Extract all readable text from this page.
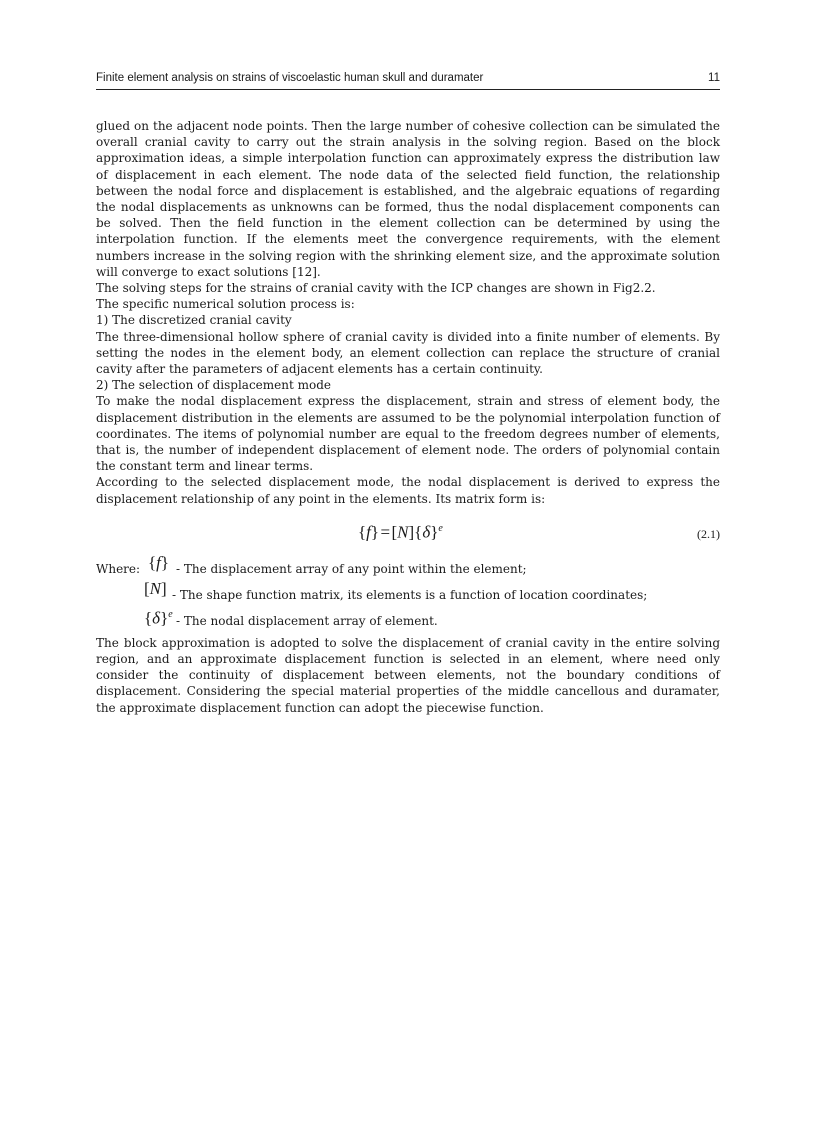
Finite element analysis on strains of viscoelastic human skull and duramater	11

glued on the adjacent node points. Then the large number of cohesive collection can be simulated the overall cranial cavity to carry out the strain analysis in the solving region. Based on the block approximation ideas, a simple interpolation function can approximately express the distribution law of displacement in each element. The node data of the selected field function, the relationship between the nodal force and displacement is established, and the algebraic equations of regarding the nodal displacements as unknowns can be formed, thus the nodal displacement components can be solved. Then the field function in the element collection can be determined by using the interpolation function. If the elements meet the convergence requirements, with the element numbers increase in the solving region with the shrinking element size, and the approximate solution will converge to exact solutions [12].

The solving steps for the strains of cranial cavity with the ICP changes are shown in Fig2.2.

The specific numerical solution process is:

1) The discretized cranial cavity

The three-dimensional hollow sphere of cranial cavity is divided into a finite number of elements. By setting the nodes in the element body, an element collection can replace the structure of cranial cavity after the parameters of adjacent elements has a certain continuity.

2) The selection of displacement mode

To make the nodal displacement express the displacement, strain and stress of element body, the displacement distribution in the elements are assumed to be the polynomial interpolation function of coordinates. The items of polynomial number are equal to the freedom degrees number of elements, that is, the number of independent displacement of element node. The orders of polynomial contain the constant term and linear terms.

According to the selected displacement mode, the nodal displacement is derived to express the displacement relationship of any point in the elements. Its matrix form is:

{f} = $[N]\{\delta\}^e$	(2.1)
Where: {f} - The displacement array of any point within the element;
[N] - The shape function matrix, its elements is a function of location coordinates;
$\{\delta\}^e$ - The nodal displacement array of element.

The block approximation is adopted to solve the displacement of cranial cavity in the entire solving region, and an approximate displacement function is selected in an element, where need only consider the continuity of displacement between elements, not the boundary conditions of displacement. Considering the special material properties of the middle cancellous and duramater, the approximate displacement function can adopt the piecewise function.
